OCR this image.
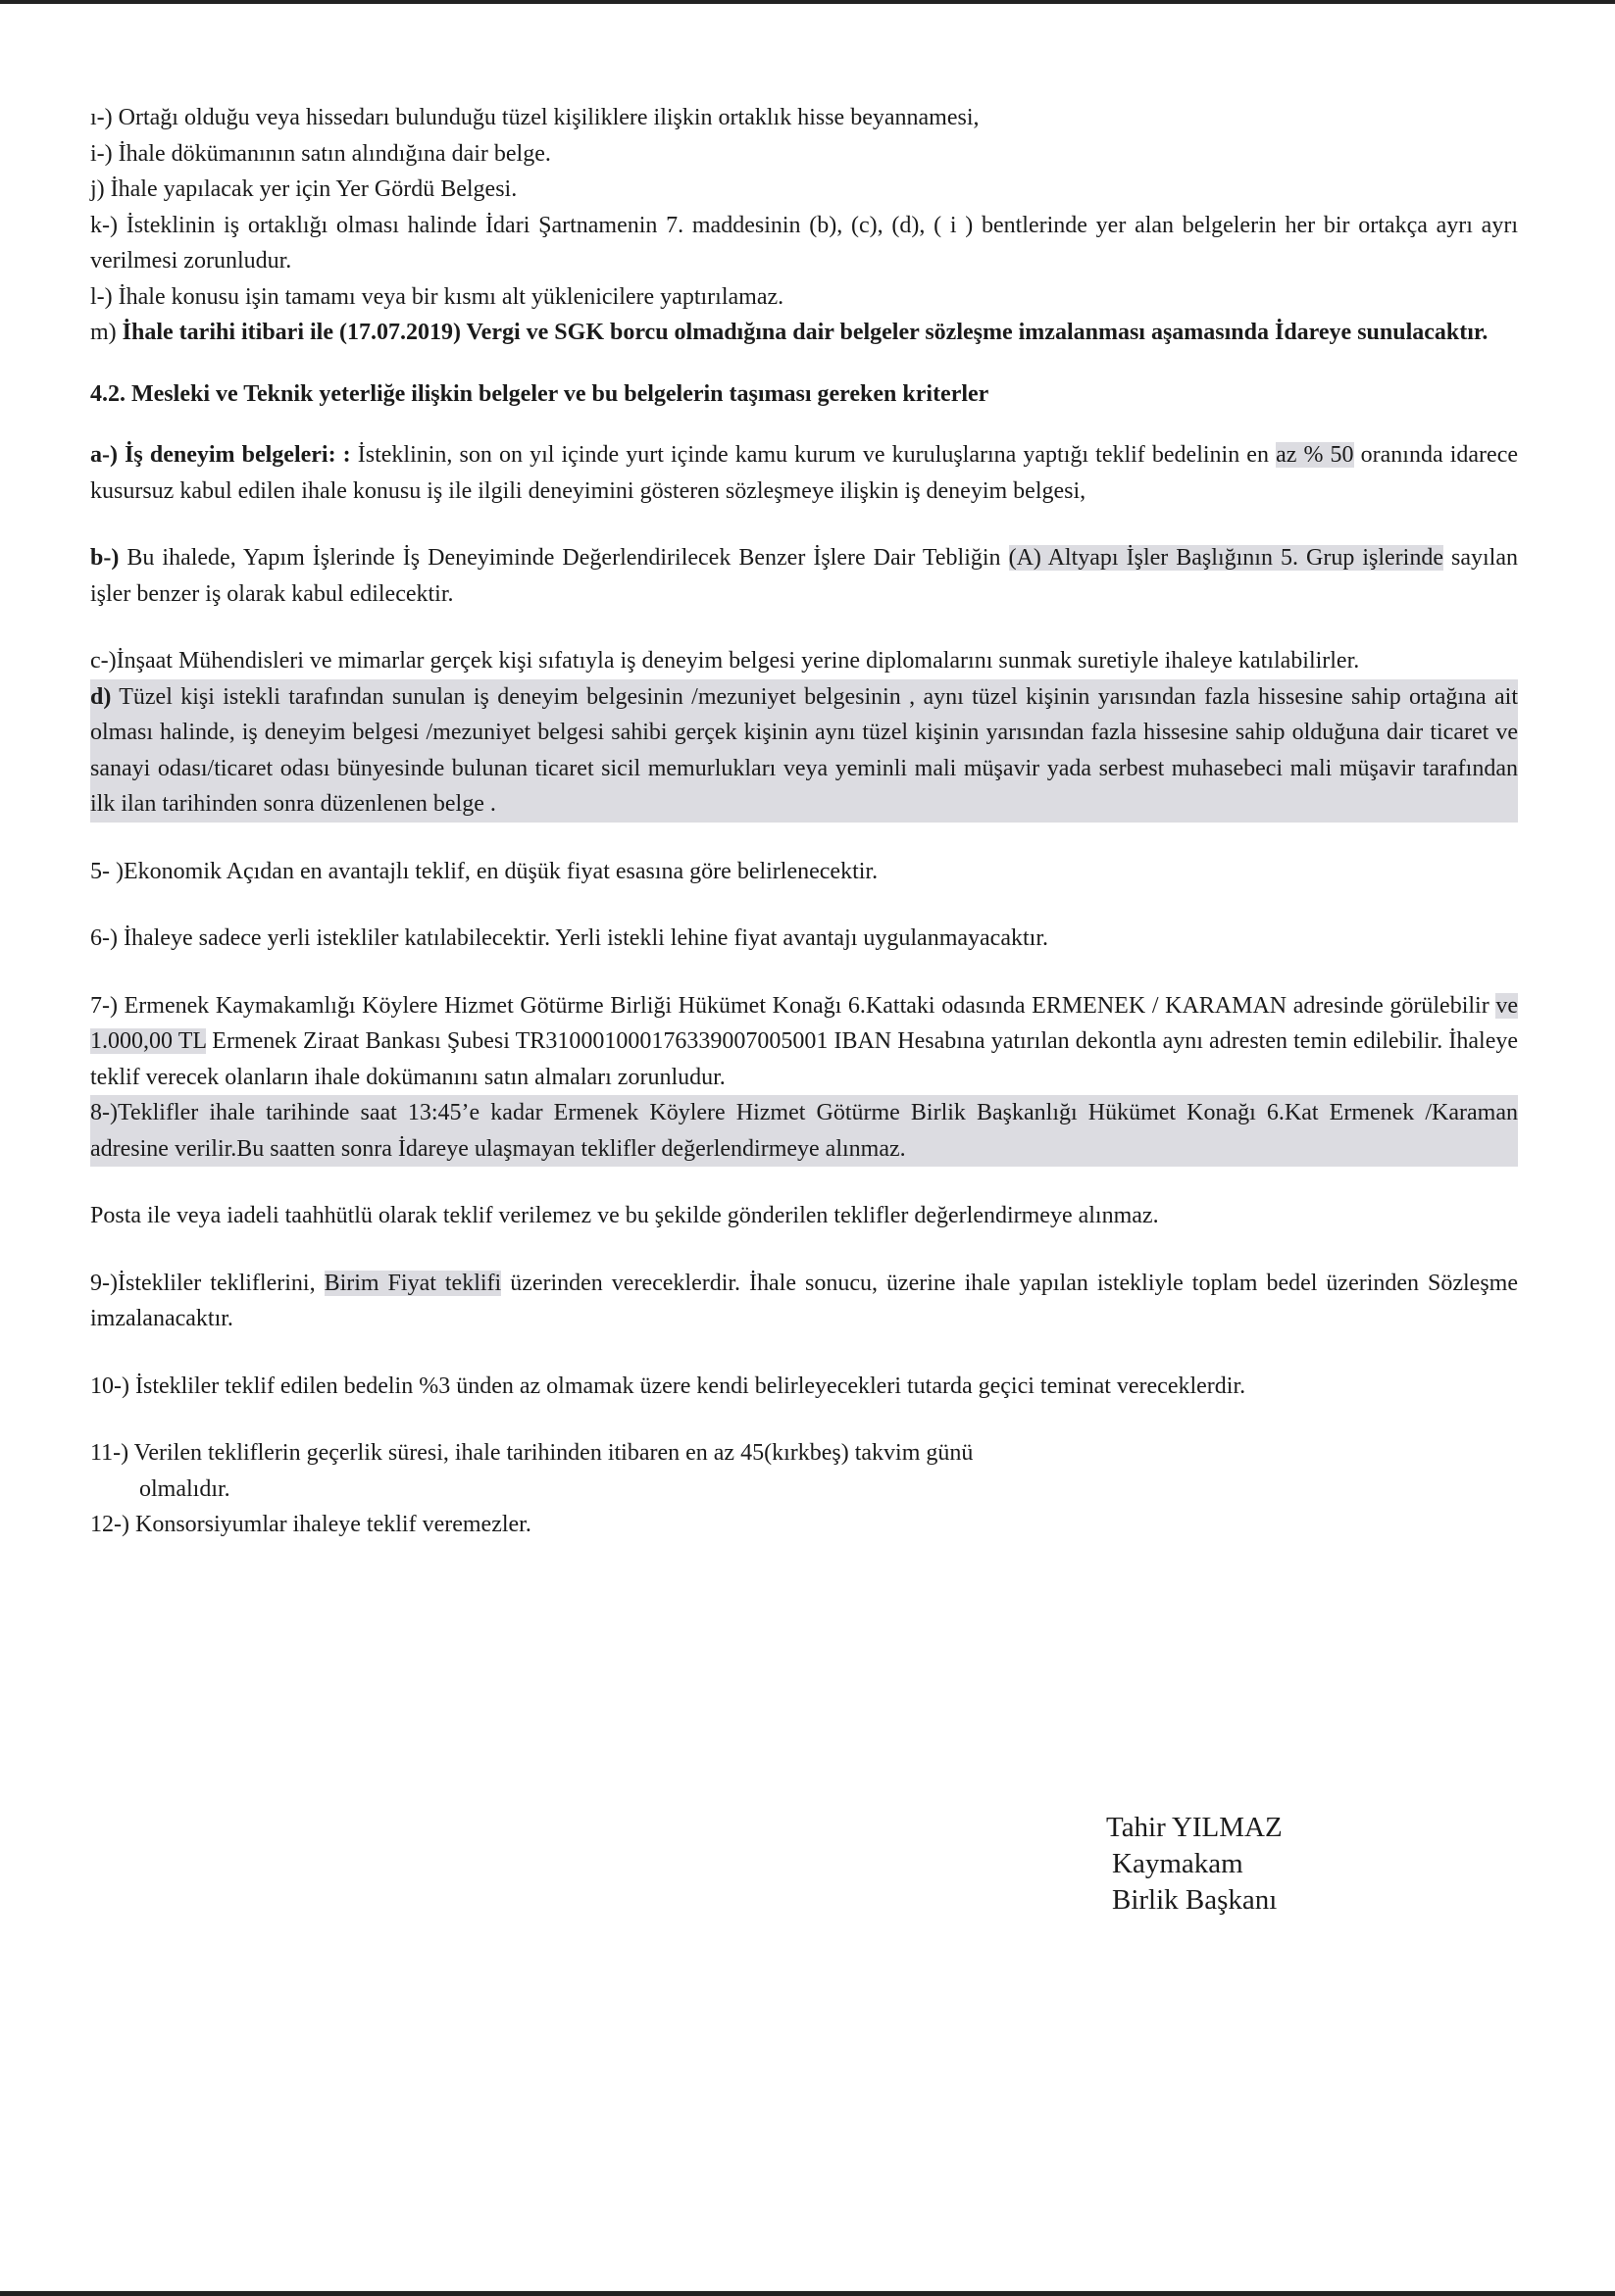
ı-) Ortağı olduğu veya hissedarı bulunduğu tüzel kişiliklere ilişkin ortaklık hisse beyannamesi,

i-) İhale dökümanının satın alındığına dair belge.

j) İhale yapılacak yer için Yer Gördü Belgesi.

k-) İsteklinin iş ortaklığı olması halinde İdari Şartnamenin 7. maddesinin (b), (c), (d), ( i ) bentlerinde yer alan belgelerin her bir ortakça ayrı ayrı verilmesi zorunludur.

l-) İhale konusu işin tamamı veya bir kısmı alt yüklenicilere yaptırılamaz.

m) İhale tarihi itibari ile (17.07.2019) Vergi ve SGK borcu olmadığına dair belgeler sözleşme imzalanması aşamasında İdareye sunulacaktır.

4.2. Mesleki ve Teknik yeterliğe ilişkin belgeler ve bu belgelerin taşıması gereken kriterler

a-) İş deneyim belgeleri: : İsteklinin, son on yıl içinde yurt içinde kamu kurum ve kuruluşlarına yaptığı teklif bedelinin en az % 50 oranında idarece kusursuz kabul edilen ihale konusu iş ile ilgili deneyimini gösteren sözleşmeye ilişkin iş deneyim belgesi,

b-) Bu ihalede, Yapım İşlerinde İş Deneyiminde Değerlendirilecek Benzer İşlere Dair Tebliğin (A) Altyapı İşler Başlığının 5. Grup işlerinde sayılan işler benzer iş olarak kabul edilecektir.

c-)İnşaat Mühendisleri ve mimarlar gerçek kişi sıfatıyla iş deneyim belgesi yerine diplomalarını sunmak suretiyle ihaleye katılabilirler.

d) Tüzel kişi istekli tarafından sunulan iş deneyim belgesinin /mezuniyet belgesinin , aynı tüzel kişinin yarısından fazla hissesine sahip ortağına ait olması halinde, iş deneyim belgesi /mezuniyet belgesi sahibi gerçek kişinin aynı tüzel kişinin yarısından fazla hissesine sahip olduğuna dair ticaret ve sanayi odası/ticaret odası bünyesinde bulunan ticaret sicil memurlukları veya yeminli mali müşavir yada serbest muhasebeci mali müşavir tarafından ilk ilan tarihinden sonra düzenlenen belge .

5- )Ekonomik Açıdan en avantajlı teklif, en düşük fiyat esasına göre belirlenecektir.

6-) İhaleye sadece yerli istekliler katılabilecektir. Yerli istekli lehine fiyat avantajı uygulanmayacaktır.

7-) Ermenek Kaymakamlığı Köylere Hizmet Götürme Birliği Hükümet Konağı 6.Kattaki odasında ERMENEK / KARAMAN adresinde görülebilir ve 1.000,00 TL Ermenek Ziraat Bankası Şubesi TR310001000176339007005001 IBAN Hesabına yatırılan dekontla aynı adresten temin edilebilir. İhaleye teklif verecek olanların ihale dokümanını satın almaları zorunludur.

8-)Teklifler ihale tarihinde saat 13:45’e kadar Ermenek Köylere Hizmet Götürme Birlik Başkanlığı Hükümet Konağı 6.Kat Ermenek /Karaman adresine verilir.Bu saatten sonra İdareye ulaşmayan teklifler değerlendirmeye alınmaz.

Posta ile veya iadeli taahhütlü olarak teklif verilemez ve bu şekilde gönderilen teklifler değerlendirmeye alınmaz.

9-)İstekliler tekliflerini, Birim Fiyat teklifi üzerinden vereceklerdir. İhale sonucu, üzerine ihale yapılan istekliyle toplam bedel üzerinden Sözleşme imzalanacaktır.

10-) İstekliler teklif edilen bedelin %3 ünden az olmamak üzere kendi belirleyecekleri tutarda geçici teminat vereceklerdir.

11-) Verilen tekliflerin geçerlik süresi, ihale tarihinden itibaren en az 45(kırkbeş) takvim günü

olmalıdır.

12-) Konsorsiyumlar ihaleye teklif veremezler.

Tahir YILMAZ
Kaymakam
Birlik Başkanı
